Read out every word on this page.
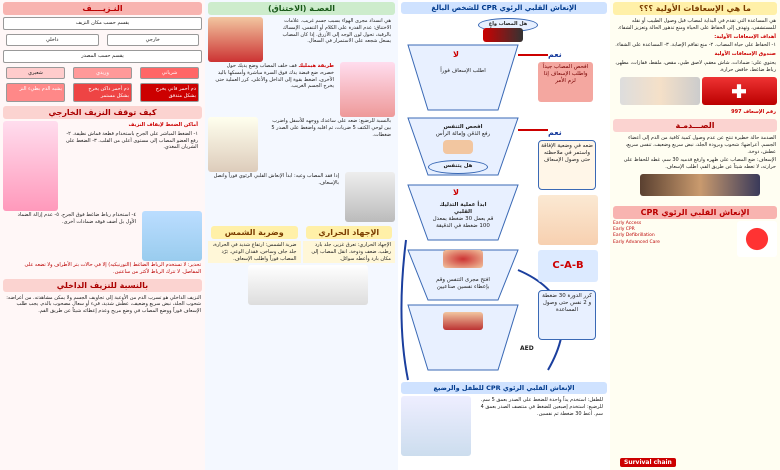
ما هي الإسعافات الأولية ؟؟؟
هي المساعدة التي تقدم في البداية لمصاب قبل وصول الطبيب أو نقله للمستشفى، وتهدف إلى الحفاظ على الحياة ومنع تدهور الحالة وتعزيز الشفاء.
أهداف الإسعافات الأولية:
١- الحفاظ على حياة المصاب. ٢- منع تفاقم الإصابة. ٣- المساعدة على الشفاء.
صندوق الإسعافات الأولية
يحتوي على: ضمادات، شاش معقم، لاصق طبي، مقص، ملقط، قفازات، مطهر، رباط ضاغط، خافض حرارة.
رقم الإسعاف 997
الصـــدمـة
الصدمة حالة خطيرة تنتج عن عدم وصول كمية كافية من الدم إلى أعضاء الجسم. أعراضها: شحوب وبرودة الجلد، نبض سريع وضعيف، تنفس سريع، عطش، دوخة.
الإسعاف: ضع المصاب على ظهره وارفع قدميه 30 سم، غطه للحفاظ على حرارته، لا تعطه شيئاً عن طريق الفم، اطلب الإسعاف.
الإنعاش القلبي الرئوي CPR
Early Access
Early CPR
Early Defibrillation
Early Advanced Care
Survival chain
الإنعاش القلبي الرئوي CPR للشخص البالغ
هل المصاب واعٍ
لا
اطلب الإسعاف فوراً
نعم
افحص المصاب جيداً واطلب الإسعاف إذا لزم الأمر
افحص التنفس
رفع الذقن وإمالة الرأس
هل يتنفس
نعم
ضعه في وضعية الإفاقة واستمر في ملاحظته حتى وصول الإسعاف
لا
ابدأ عملية التدليك القلبي
قم بعمل 30 ضغطة بمعدل 100 ضغطة في الدقيقة
C-A-B
افتح مجرى التنفس وقم بإعطاء نفسين صناعيين
كرر الدورة 30 ضغطة و 2 نفس حتى وصول المساعدة
AED
الإنعاش القلبي الرئوي CPR للطفل والرضيع
للطفل: استخدم يداً واحدة للضغط على الصدر بعمق 5 سم. للرضيع: استخدم إصبعين للضغط في منتصف الصدر بعمق 4 سم. أعط 30 ضغطة ثم نفسين.
الغصـة (الاختناق)
هي انسداد مجرى الهواء بسبب جسم غريب. علامات الاختناق: عدم القدرة على الكلام أو التنفس، الإمساك بالرقبة، تحول لون الوجه إلى الأزرق. إذا كان المصاب يسعل شجعه على الاستمرار في السعال.
طريقة هيمليك قف خلف المصاب وضع يديك حول خصره، ضع قبضة يدك فوق السرة مباشرة وأمسكها باليد الأخرى، اضغط بقوة إلى الداخل والأعلى. كرر العملية حتى يخرج الجسم الغريب.
بالنسبة للرضيع: ضعه على ساعدك ووجهه للأسفل واضرب بين لوحي الكتف 5 ضربات، ثم اقلبه واضغط على الصدر 5 ضغطات.
إذا فقد المصاب وعيه: ابدأ الإنعاش القلبي الرئوي فوراً واتصل بالإسعاف.
الإجهاد الحراري
وضربة الشمس
الإجهاد الحراري: تعرق غزير، جلد بارد رطب، ضعف ودوخة. انقل المصاب إلى مكان بارد وأعطه سوائل.
ضربة الشمس: ارتفاع شديد في الحرارة، جلد جاف وساخن، فقدان الوعي. بَرّد المصاب فوراً واطلب الإسعاف.
النـزيــــف
يقسم حسب مكان النزيف
خارجي
داخلي
يقسم حسب المصدر
شرياني
وريدي
شعيري
دم أحمر قاني يخرج بشكل متدفق
دم أحمر داكن يخرج بشكل مستمر
يشبه الدم بطيء النز
كيف توقف النزيف الخارجي
أماكن الضغط لإيقاف النزيف
١- الضغط المباشر على الجرح باستخدام قطعة قماش نظيفة. ٢- رفع العضو المصاب إلى مستوى أعلى من القلب. ٣- الضغط على الشريان المغذي.
٤- استخدام رباط ضاغط فوق الجرح. ٥- عدم إزالة الضماد الأول بل أضف فوقه ضمادات أخرى.
تحذير: لا تستخدم الرباط الضاغط (التورنيكيه) إلا في حالات بتر الأطراف ولا تضعه على المفاصل. لا تترك الرباط لأكثر من ساعتين.
بالنسبة للنزيف الداخلي
النزيف الداخلي هو تسرب الدم من الأوعية إلى تجاويف الجسم ولا يمكن مشاهدته. من أعراضه: شحوب الجلد، نبض سريع وضعيف، عطش شديد، قيء أو سعال مصحوب بالدم. يجب طلب الإسعاف فوراً ووضع المصاب في وضع مريح وعدم إعطائه شيئاً عن طريق الفم.
